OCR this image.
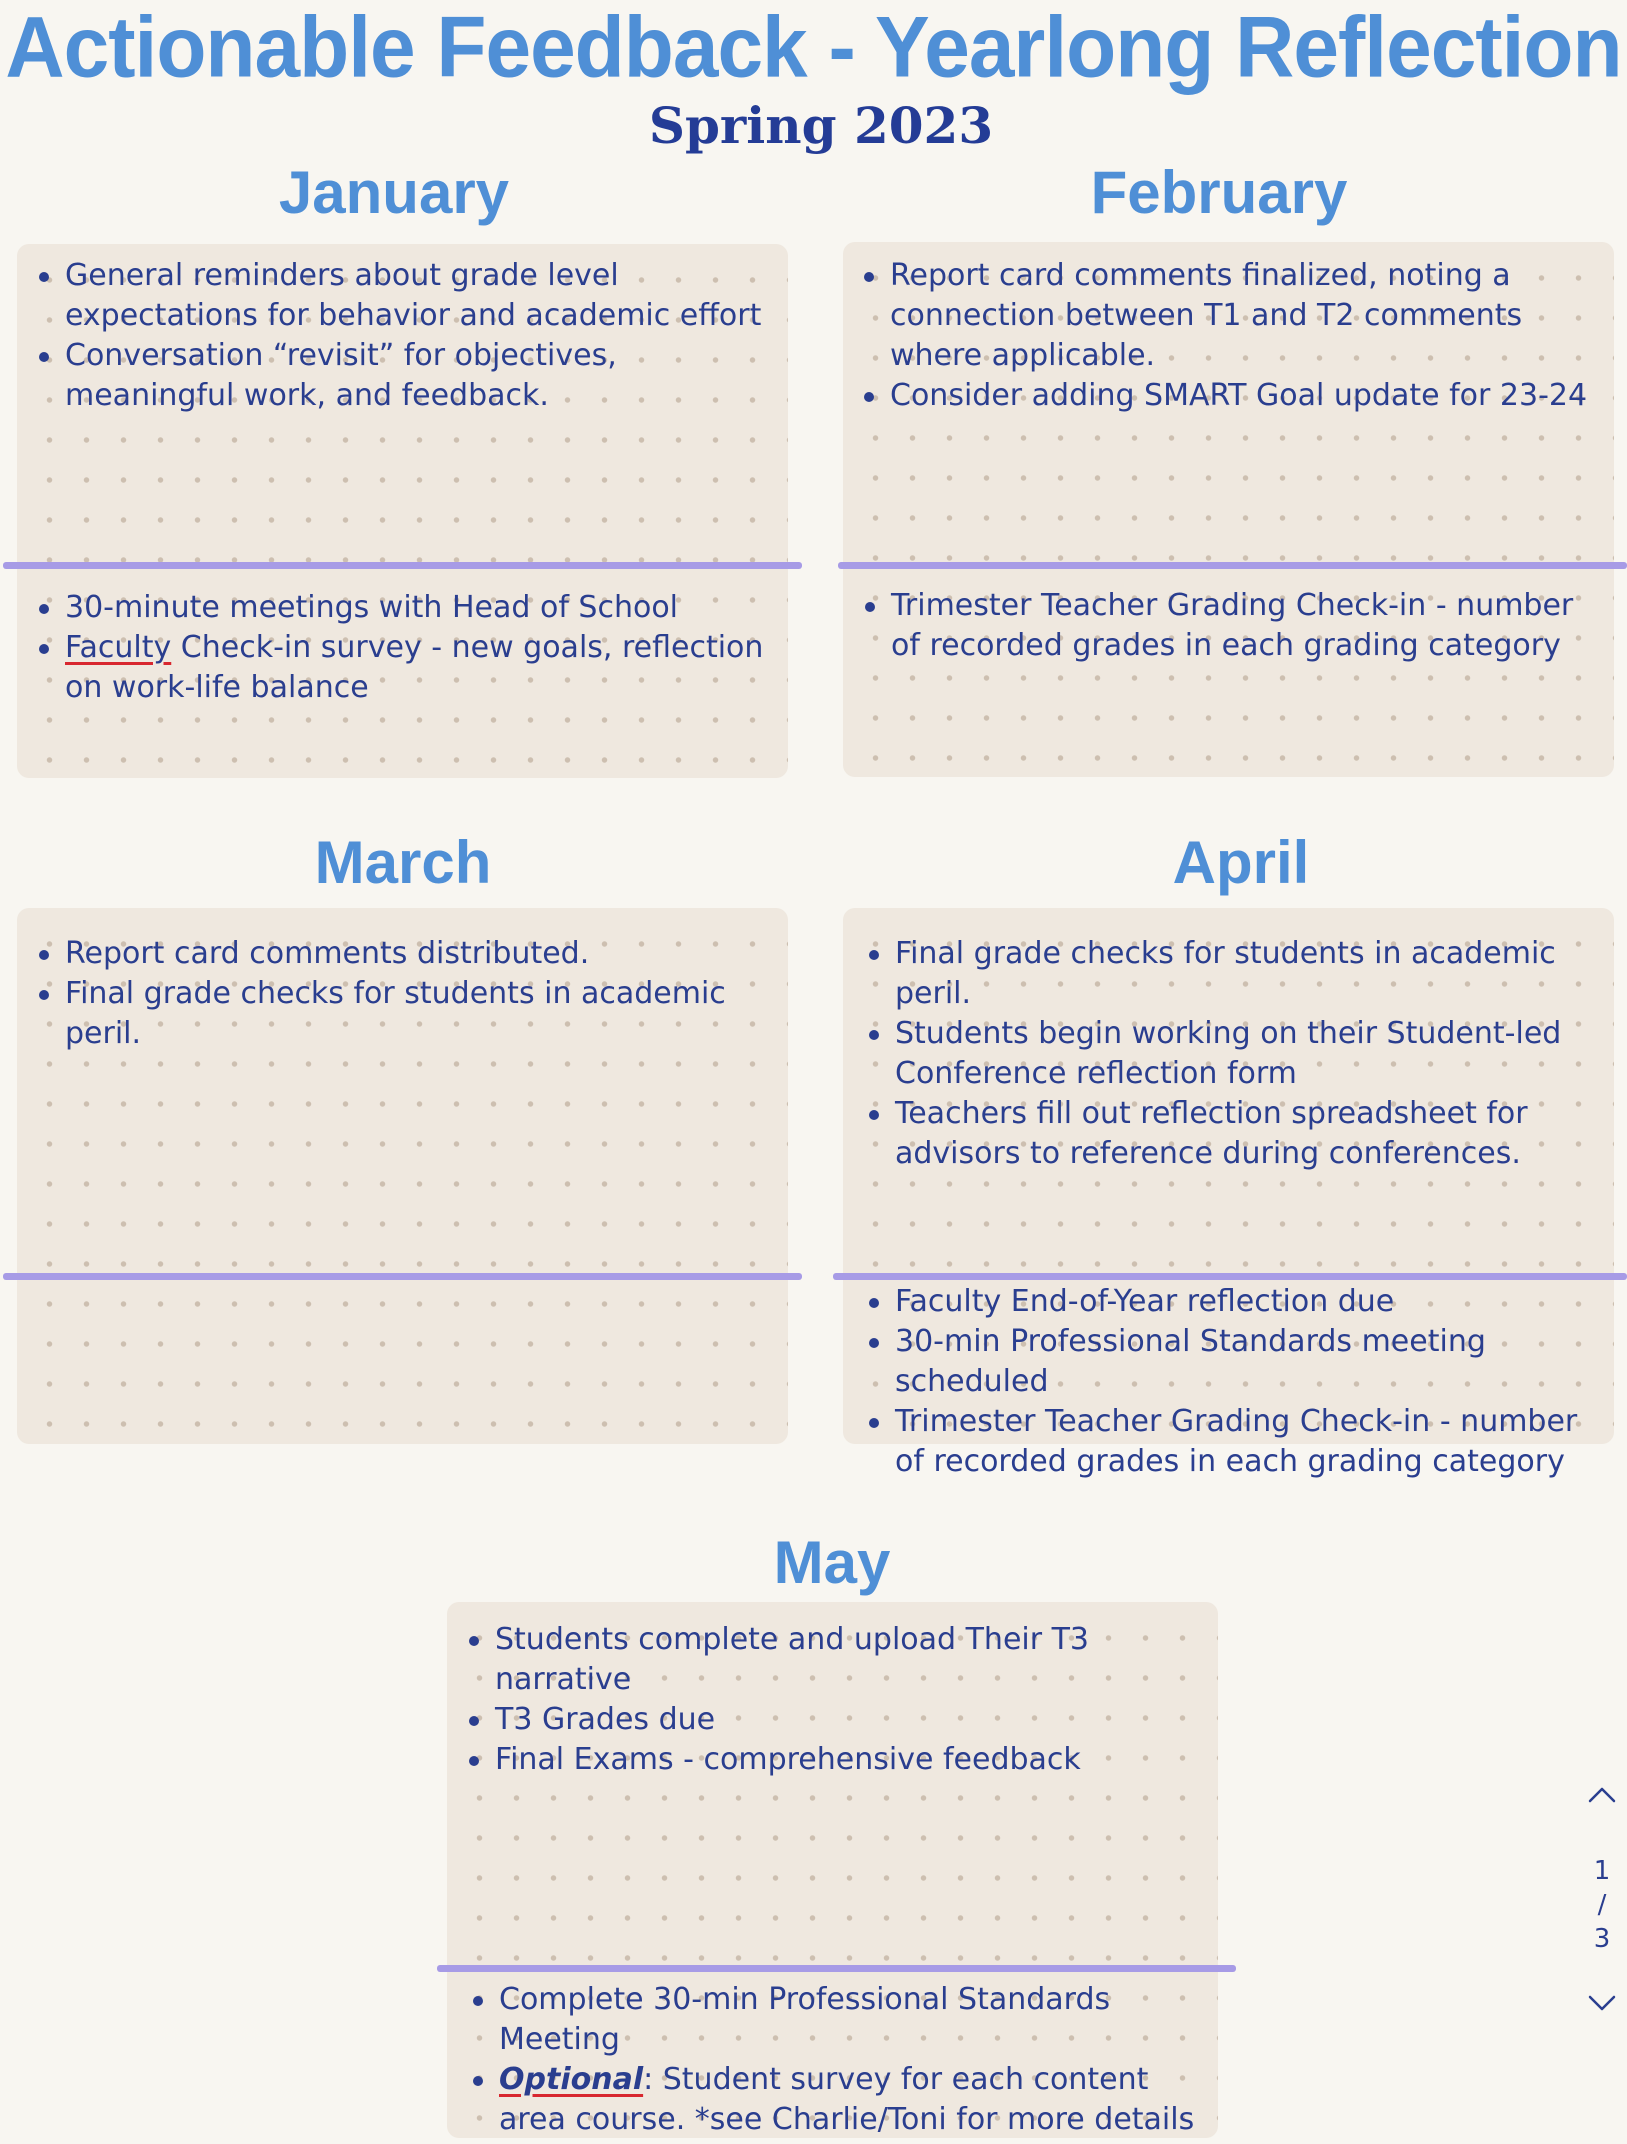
Actionable Feedback - Yearlong Reflection
Spring 2023
January
General reminders about grade level expectations for behavior and academic effort
Conversation “revisit” for objectives, meaningful work, and feedback.
30-minute meetings with Head of School
Faculty Check-in survey - new goals, reflection on work-life balance
February
Report card comments finalized, noting a connection between T1 and T2 comments where applicable.
Consider adding SMART Goal update for 23-24
Trimester Teacher Grading Check-in - number of recorded grades in each grading category
March
Report card comments distributed.
Final grade checks for students in academic peril.
April
Final grade checks for students in academic peril.
Students begin working on their Student-led Conference reflection form
Teachers fill out reflection spreadsheet for advisors to reference during conferences.
Faculty End-of-Year reflection due
30-min Professional Standards meeting scheduled
Trimester Teacher Grading Check-in - number of recorded grades in each grading category
May
Students complete and upload Their T3 narrative
T3 Grades due
Final Exams - comprehensive feedback
Complete 30-min Professional Standards Meeting
Optional: Student survey for each content area course. *see Charlie/Toni for more details
1
/
3
